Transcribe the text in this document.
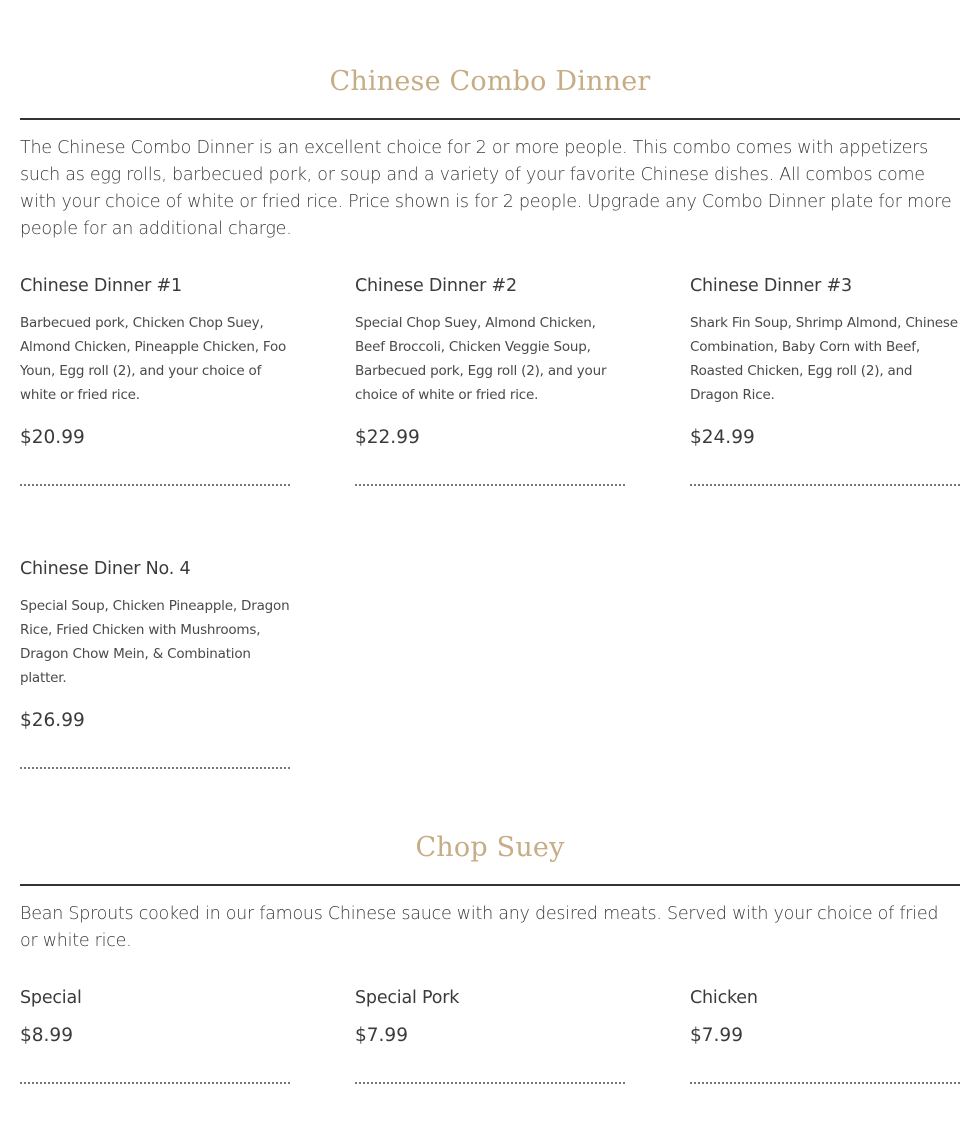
Chinese Combo Dinner

The Chinese Combo Dinner is an excellent choice for 2 or more people. This combo comes with appetizers such as egg rolls, barbecued pork, or soup and a variety of your favorite Chinese dishes. All combos come with your choice of white or fried rice. Price shown is for 2 people. Upgrade any Combo Dinner plate for more people for an additional charge.

Chinese Dinner #1

Barbecued pork, Chicken Chop Suey, Almond Chicken, Pineapple Chicken, Foo Youn, Egg roll (2), and your choice of white or fried rice.

$20.99

Chinese Dinner #2

Special Chop Suey, Almond Chicken, Beef Broccoli, Chicken Veggie Soup, Barbecued pork, Egg roll (2), and your choice of white or fried rice.

$22.99

Chinese Dinner #3

Shark Fin Soup, Shrimp Almond, Chinese Combination, Baby Corn with Beef, Roasted Chicken, Egg roll (2), and Dragon Rice.

$24.99

Chinese Diner No. 4

Special Soup, Chicken Pineapple, Dragon Rice, Fried Chicken with Mushrooms, Dragon Chow Mein, & Combination platter.

$26.99

Chop Suey

Bean Sprouts cooked in our famous Chinese sauce with any desired meats. Served with your choice of fried or white rice.

Special

$8.99

Special Pork

$7.99

Chicken

$7.99
